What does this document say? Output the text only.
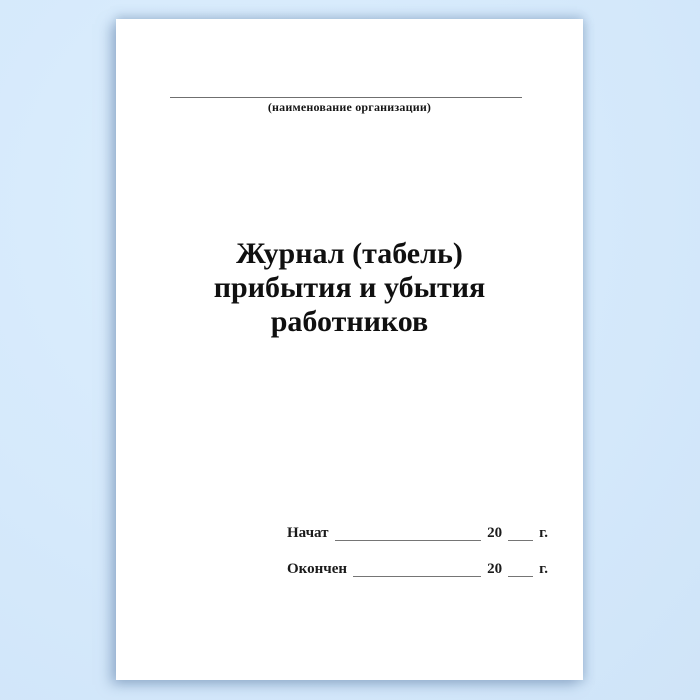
(наименование организации)
Журнал (табель)
прибытия и убытия
работников
Начат	20 г.
Окончен	20 г.
